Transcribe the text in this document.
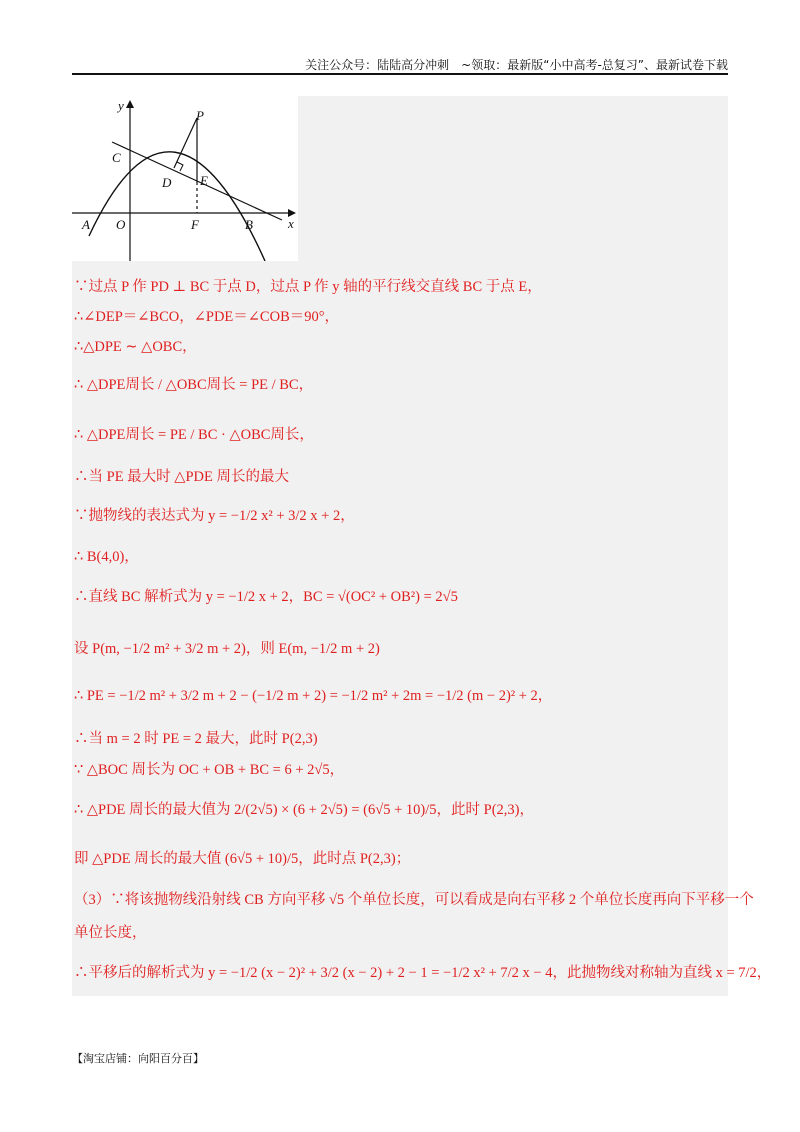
关注公众号：陆陆高分冲刺　~领取：最新版“小中高考-总复习”、最新试卷下载
y
x
P
C
D E
A O	F	B
∵过点 P 作 PD ⊥ BC 于点 D，过点 P 作 y 轴的平行线交直线 BC 于点 E，
∴∠DEP＝∠BCO，∠PDE＝∠COB＝90°，
∴△DPE ∼ △OBC，
∴ △DPE周长 / △OBC周长 = PE / BC，
∴ △DPE周长 = PE / BC · △OBC周长，
∴当 PE 最大时 △PDE 周长的最大
∵抛物线的表达式为 y = −1/2 x² + 3/2 x + 2，
∴ B(4,0)，
∴直线 BC 解析式为 y = −1/2 x + 2，BC = √(OC² + OB²) = 2√5
设 P(m, −1/2 m² + 3/2 m + 2)，则 E(m, −1/2 m + 2)
∴ PE = −1/2 m² + 3/2 m + 2 − (−1/2 m + 2) = −1/2 m² + 2m = −1/2 (m − 2)² + 2，
∴当 m = 2 时 PE = 2 最大，此时 P(2,3)
∵ △BOC 周长为 OC + OB + BC = 6 + 2√5，
∴ △PDE 周长的最大值为 2/(2√5) × (6 + 2√5) = (6√5 + 10)/5，此时 P(2,3)，
即 △PDE 周长的最大值 (6√5 + 10)/5，此时点 P(2,3)；
（3）∵将该抛物线沿射线 CB 方向平移 √5 个单位长度，可以看成是向右平移 2 个单位长度再向下平移一个
单位长度，
∴平移后的解析式为 y = −1/2 (x − 2)² + 3/2 (x − 2) + 2 − 1 = −1/2 x² + 7/2 x − 4，此抛物线对称轴为直线 x = 7/2，
【淘宝店铺：向阳百分百】
